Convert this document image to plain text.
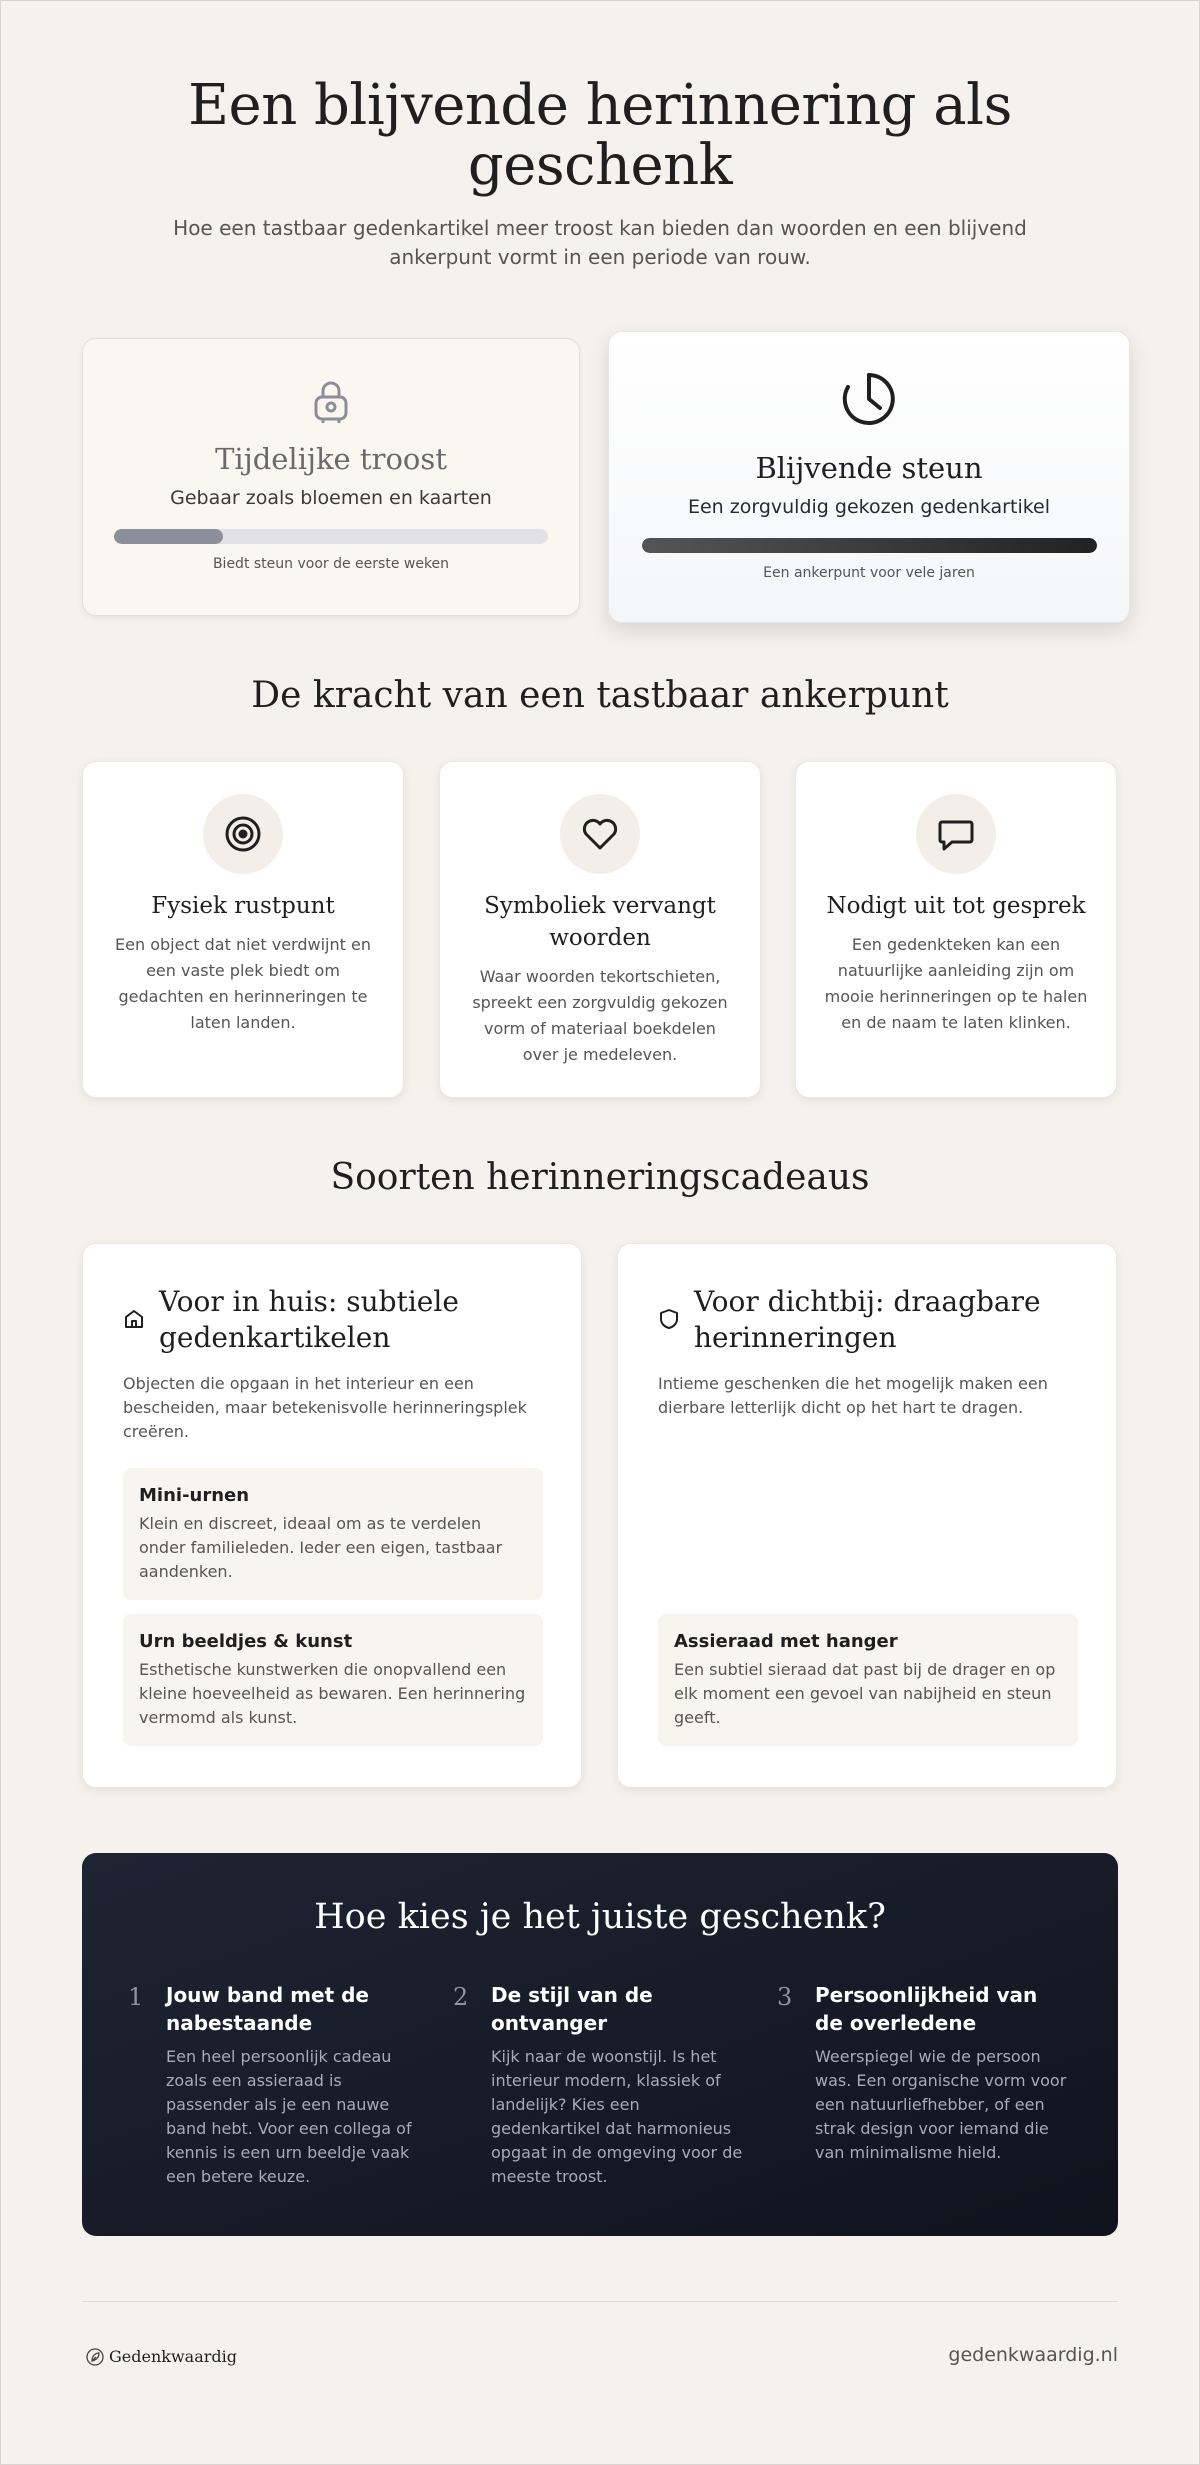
Een blijvende herinnering als geschenk

Hoe een tastbaar gedenkartikel meer troost kan bieden dan woorden en een blijvend ankerpunt vormt in een periode van rouw.

Tijdelijke troost
Gebaar zoals bloemen en kaarten
Biedt steun voor de eerste weken
Blijvende steun
Een zorgvuldig gekozen gedenkartikel
Een ankerpunt voor vele jaren
De kracht van een tastbaar ankerpunt
Fysiek rustpunt

Een object dat niet verdwijnt en een vaste plek biedt om gedachten en herinneringen te laten landen.

Symboliek vervangt woorden

Waar woorden tekortschieten, spreekt een zorgvuldig gekozen vorm of materiaal boekdelen over je medeleven.

Nodigt uit tot gesprek

Een gedenkteken kan een natuurlijke aanleiding zijn om mooie herinneringen op te halen en de naam te laten klinken.

Soorten herinneringscadeaus
Voor in huis: subtiele gedenkartikelen

Objecten die opgaan in het interieur en een bescheiden, maar betekenisvolle herinneringsplek creëren.

Mini-urnen

Klein en discreet, ideaal om as te verdelen onder familieleden. Ieder een eigen, tastbaar aandenken.

Urn beeldjes & kunst

Esthetische kunstwerken die onopvallend een kleine hoeveelheid as bewaren. Een herinnering vermomd als kunst.

Voor dichtbij: draagbare herinneringen

Intieme geschenken die het mogelijk maken een dierbare letterlijk dicht op het hart te dragen.

Assieraad met hanger

Een subtiel sieraad dat past bij de drager en op elk moment een gevoel van nabijheid en steun geeft.

Hoe kies je het juiste geschenk?
1	Jouw band met de nabestaande

Een heel persoonlijk cadeau zoals een assieraad is passender als je een nauwe band hebt. Voor een collega of kennis is een urn beeldje vaak een betere keuze.

2	De stijl van de ontvanger

Kijk naar de woonstijl. Is het interieur modern, klassiek of landelijk? Kies een gedenkartikel dat harmonieus opgaat in de omgeving voor de meeste troost.

3	Persoonlijkheid van de overledene

Weerspiegel wie de persoon was. Een organische vorm voor een natuurliefhebber, of een strak design voor iemand die van minimalisme hield.

Gedenkwaardig	gedenkwaardig.nl
